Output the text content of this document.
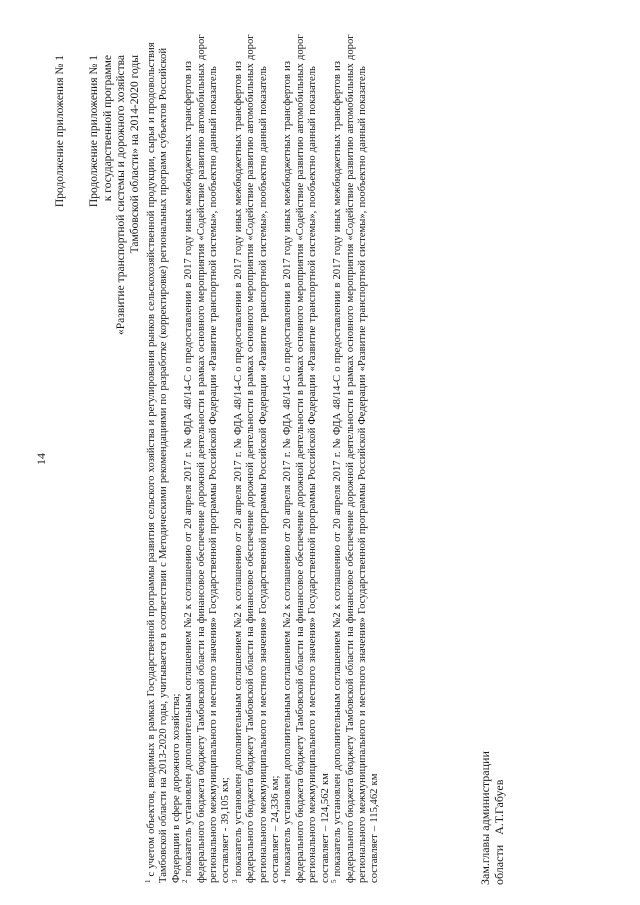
14
Продолжение приложения № 1 Продолжение приложения № 1 к государственной программе «Развитие транспортной системы и дорожного хозяйства Тамбовской области» на 2014-2020 годы

$^1$с учетом объектов, вводимых в рамках Государственной программы развития сельского хозяйства и регулирования рынков сельскохозяйственной продукции, сырья и продовольствия Тамбовской области на 2013-2020 годы, учитывается в соответствии с Методическими рекомендациями по разработке (корректировке) региональных программ субъектов Российской Федерации в сфере дорожного хозяйства; $^2$показатель установлен дополнительным соглашением №2 к соглашению от 20 апреля 2017 г. № ФДА 48/14-С о предоставлении в 2017 году иных межбюджетных трансфертов из федерального бюджета бюджету Тамбовской области на финансовое обеспечение дорожной деятельности в рамках основного мероприятия «Содействие развитию автомобильных дорог регионального межмуниципального и местного значения» Государственной программы Российской Федерации «Развитие транспортной системы», пообъектно данный показатель составляет - 39,105 км; $^3$показатель установлен дополнительным соглашением №2 к соглашению от 20 апреля 2017 г. № ФДА 48/14-С о предоставлении в 2017 году иных межбюджетных трансфертов из федерального бюджета бюджету Тамбовской области на финансовое обеспечение дорожной деятельности в рамках основного мероприятия «Содействие развитию автомобильных дорог регионального межмуниципального и местного значения» Государственной программы Российской Федерации «Развитие транспортной системы», пообъектно данный показатель составляет – 24,336 км; $^4$показатель установлен дополнительным соглашением №2 к соглашению от 20 апреля 2017 г. № ФДА 48/14-С о предоставлении в 2017 году иных межбюджетных трансфертов из федерального бюджета бюджету Тамбовской области на финансовое обеспечение дорожной деятельности в рамках основного мероприятия «Содействие развитию автомобильных дорог регионального межмуниципального и местного значения» Государственной программы Российской Федерации «Развитие транспортной системы», пообъектно данный показатель составляет – 124,562 км $^5$показатель установлен дополнительным соглашением №2 к соглашению от 20 апреля 2017 г. № ФДА 48/14-С о предоставлении в 2017 году иных межбюджетных трансфертов из федерального бюджета бюджету Тамбовской области на финансовое обеспечение дорожной деятельности в рамках основного мероприятия «Содействие развитию автомобильных дорог регионального межмуниципального и местного значения» Государственной программы Российской Федерации «Развитие транспортной системы», пообъектно данный показатель составляет – 115,462 км	Зам.главы администрации областиА.Т.Габуев
